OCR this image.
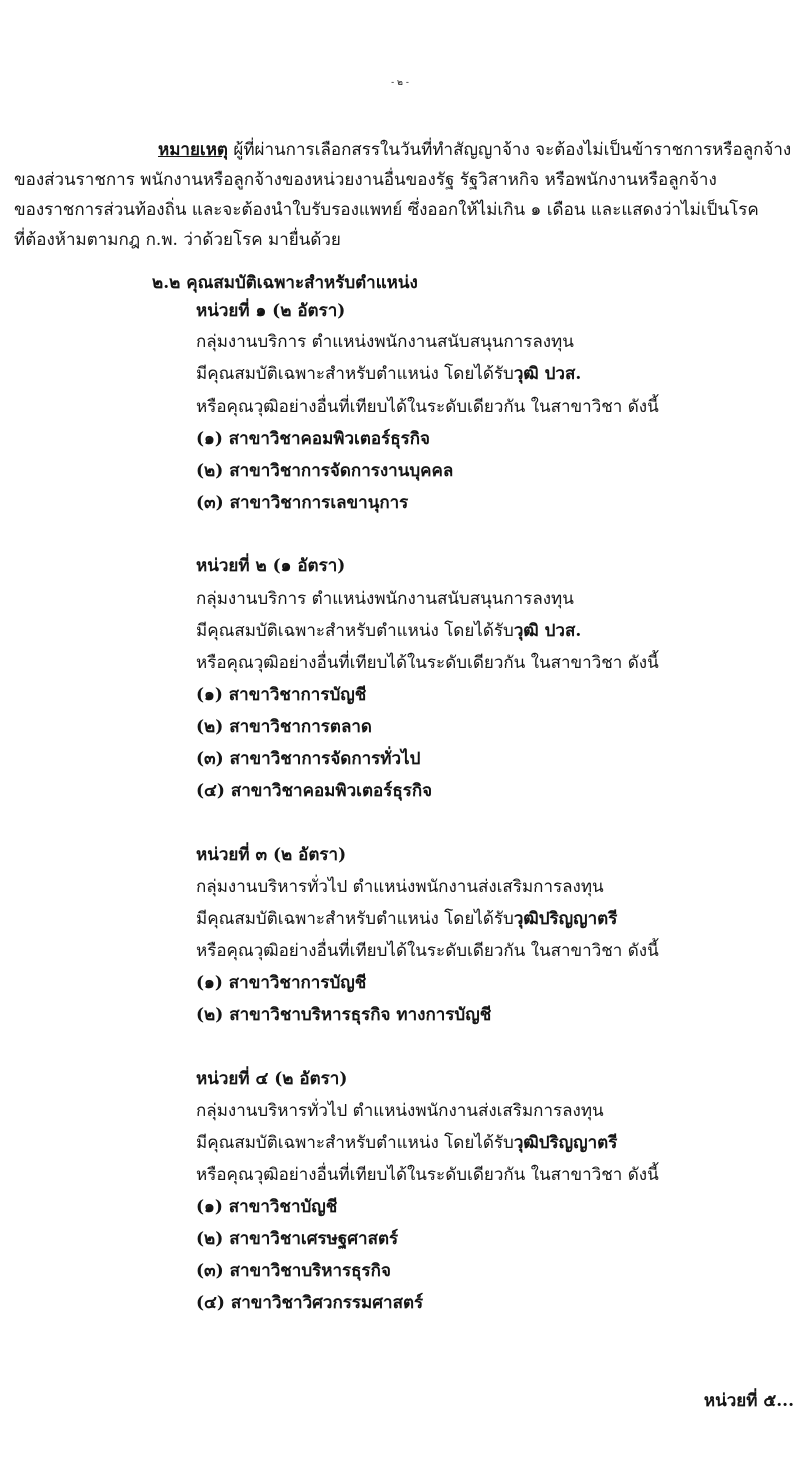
- ๒ -
หมายเหตุ ผู้ที่ผ่านการเลือกสรรในวันที่ทำสัญญาจ้าง จะต้องไม่เป็นข้าราชการหรือลูกจ้าง
ของส่วนราชการ พนักงานหรือลูกจ้างของหน่วยงานอื่นของรัฐ รัฐวิสาหกิจ หรือพนักงานหรือลูกจ้าง
ของราชการส่วนท้องถิ่น และจะต้องนำใบรับรองแพทย์ ซึ่งออกให้ไม่เกิน ๑ เดือน และแสดงว่าไม่เป็นโรค
ที่ต้องห้ามตามกฎ ก.พ. ว่าด้วยโรค มายื่นด้วย
๒.๒ คุณสมบัติเฉพาะสำหรับตำแหน่ง
หน่วยที่ ๑ (๒ อัตรา)
กลุ่มงานบริการ ตำแหน่งพนักงานสนับสนุนการลงทุน
มีคุณสมบัติเฉพาะสำหรับตำแหน่ง โดยได้รับวุฒิ ปวส.
หรือคุณวุฒิอย่างอื่นที่เทียบได้ในระดับเดียวกัน ในสาขาวิชา ดังนี้
(๑) สาขาวิชาคอมพิวเตอร์ธุรกิจ
(๒) สาขาวิชาการจัดการงานบุคคล
(๓) สาขาวิชาการเลขานุการ
หน่วยที่ ๒ (๑ อัตรา)
กลุ่มงานบริการ ตำแหน่งพนักงานสนับสนุนการลงทุน
มีคุณสมบัติเฉพาะสำหรับตำแหน่ง โดยได้รับวุฒิ ปวส.
หรือคุณวุฒิอย่างอื่นที่เทียบได้ในระดับเดียวกัน ในสาขาวิชา ดังนี้
(๑) สาขาวิชาการบัญชี
(๒) สาขาวิชาการตลาด
(๓) สาขาวิชาการจัดการทั่วไป
(๔) สาขาวิชาคอมพิวเตอร์ธุรกิจ
หน่วยที่ ๓ (๒ อัตรา)
กลุ่มงานบริหารทั่วไป ตำแหน่งพนักงานส่งเสริมการลงทุน
มีคุณสมบัติเฉพาะสำหรับตำแหน่ง โดยได้รับวุฒิปริญญาตรี
หรือคุณวุฒิอย่างอื่นที่เทียบได้ในระดับเดียวกัน ในสาขาวิชา ดังนี้
(๑) สาขาวิชาการบัญชี
(๒) สาขาวิชาบริหารธุรกิจ ทางการบัญชี
หน่วยที่ ๔ (๒ อัตรา)
กลุ่มงานบริหารทั่วไป ตำแหน่งพนักงานส่งเสริมการลงทุน
มีคุณสมบัติเฉพาะสำหรับตำแหน่ง โดยได้รับวุฒิปริญญาตรี
หรือคุณวุฒิอย่างอื่นที่เทียบได้ในระดับเดียวกัน ในสาขาวิชา ดังนี้
(๑) สาขาวิชาบัญชี
(๒) สาขาวิชาเศรษฐศาสตร์
(๓) สาขาวิชาบริหารธุรกิจ
(๔) สาขาวิชาวิศวกรรมศาสตร์
หน่วยที่ ๕...
